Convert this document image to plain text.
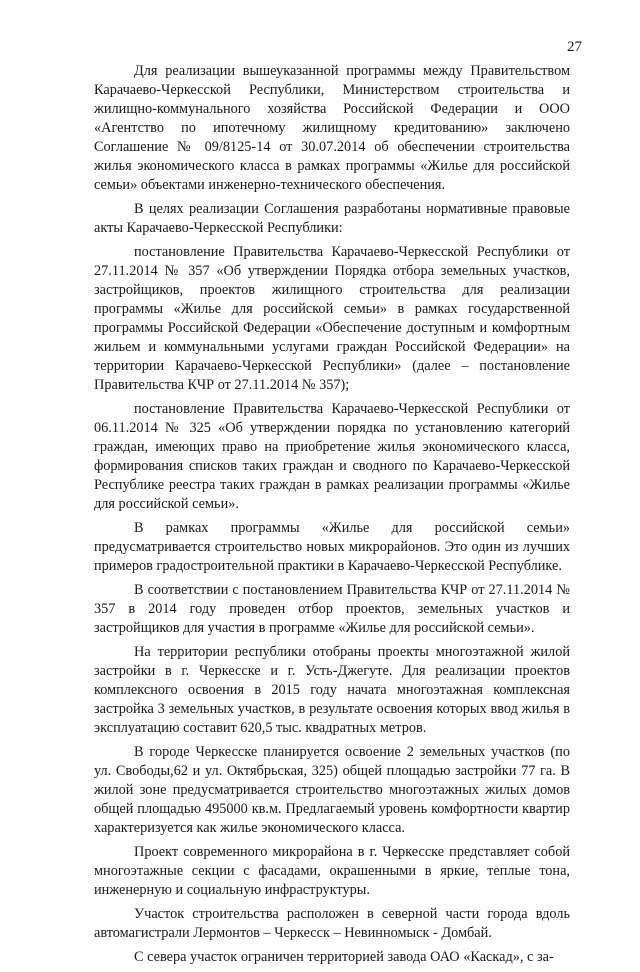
27

Для реализации вышеуказанной программы между Правительством Карачаево-Черкесской Республики, Министерством строительства и жилищно-коммунального хозяйства Российской Федерации и ООО «Агентство по ипотечному жилищному кредитованию» заключено Соглашение № 09/8125-14 от 30.07.2014 об обеспечении строительства жилья экономического класса в рамках программы «Жилье для российской семьи» объектами инженерно-технического обеспечения.

В целях реализации Соглашения разработаны нормативные правовые акты Карачаево-Черкесской Республики:

постановление Правительства Карачаево-Черкесской Республики от 27.11.2014 № 357 «Об утверждении Порядка отбора земельных участков, застройщиков, проектов жилищного строительства для реализации программы «Жилье для российской семьи» в рамках государственной программы Российской Федерации «Обеспечение доступным и комфортным жильем и коммунальными услугами граждан Российской Федерации» на территории Карачаево-Черкесской Республики» (далее – постановление Правительства КЧР от 27.11.2014 № 357);

постановление Правительства Карачаево-Черкесской Республики от 06.11.2014 № 325 «Об утверждении порядка по установлению категорий граждан, имеющих право на приобретение жилья экономического класса, формирования списков таких граждан и сводного по Карачаево-Черкесской Республике реестра таких граждан в рамках реализации программы «Жилье для российской семьи».

В рамках программы «Жилье для российской семьи» предусматривается строительство новых микрорайонов. Это один из лучших примеров градостроительной практики в Карачаево-Черкесской Республике.

В соответствии с постановлением Правительства КЧР от 27.11.2014 № 357 в 2014 году проведен отбор проектов, земельных участков и застройщиков для участия в программе «Жилье для российской семьи».

На территории республики отобраны проекты многоэтажной жилой застройки в г. Черкесске и г. Усть-Джегуте. Для реализации проектов комплексного освоения в 2015 году начата многоэтажная комплексная застройка 3 земельных участков, в результате освоения которых ввод жилья в эксплуатацию составит 620,5 тыс. квадратных метров.

В городе Черкесске планируется освоение 2 земельных участков (по ул. Свободы,62 и ул. Октябрьская, 325) общей площадью застройки 77 га. В жилой зоне предусматривается строительство многоэтажных жилых домов общей площадью 495000 кв.м. Предлагаемый уровень комфортности квартир характеризуется как жилье экономического класса.

Проект современного микрорайона в г. Черкесске представляет собой многоэтажные секции с фасадами, окрашенными в яркие, теплые тона, инженерную и социальную инфраструктуры.

Участок строительства расположен в северной части города вдоль автомагистрали Лермонтов – Черкесск – Невинномыск - Домбай.

С севера участок ограничен территорией завода ОАО «Каскад», с за-
